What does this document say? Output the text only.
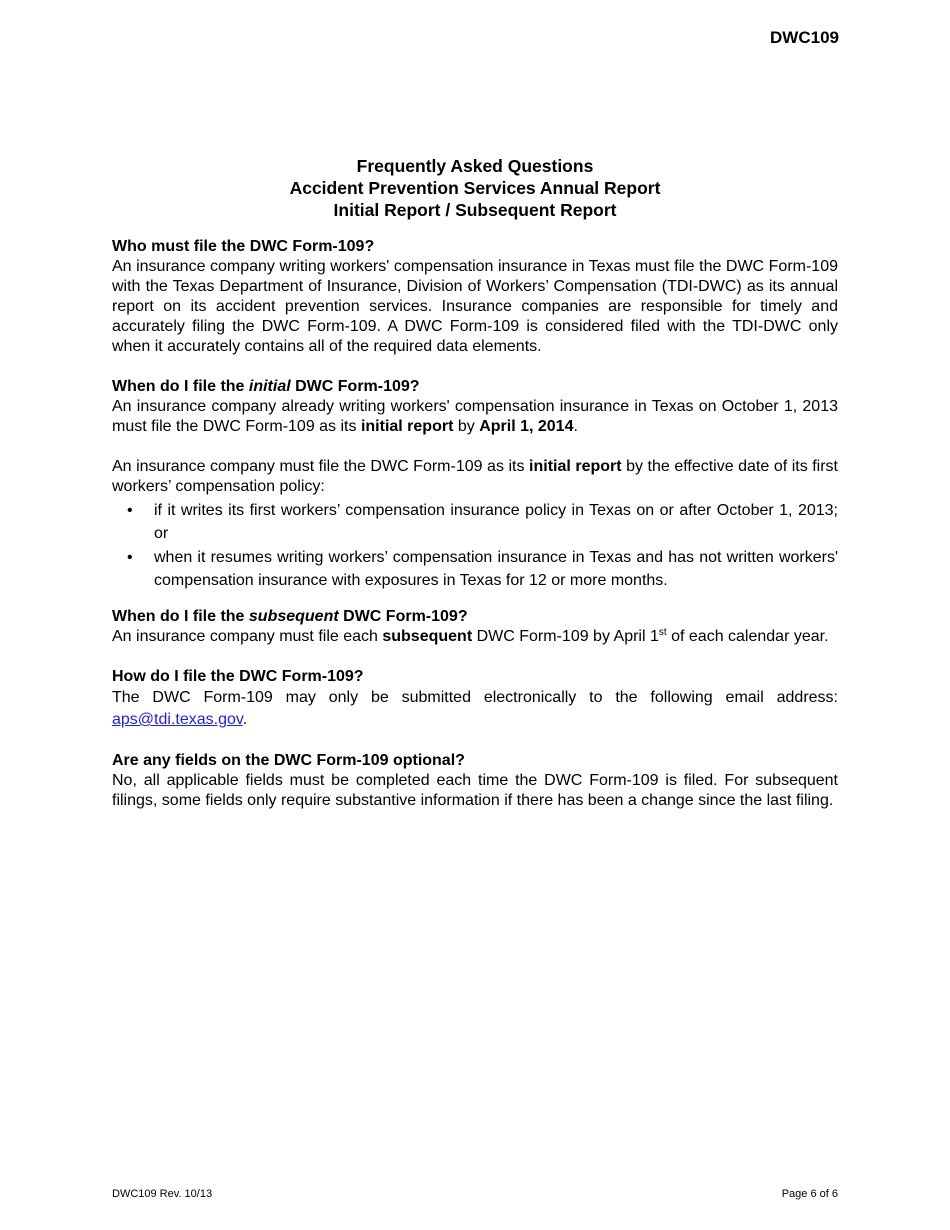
DWC109
Frequently Asked Questions
Accident Prevention Services Annual Report
Initial Report / Subsequent Report

Who must file the DWC Form-109?

An insurance company writing workers' compensation insurance in Texas must file the DWC Form-109 with the Texas Department of Insurance, Division of Workers’ Compensation (TDI-DWC) as its annual report on its accident prevention services. Insurance companies are responsible for timely and accurately filing the DWC Form-109. A DWC Form-109 is considered filed with the TDI-DWC only when it accurately contains all of the required data elements.

When do I file the initial DWC Form-109?

An insurance company already writing workers' compensation insurance in Texas on October 1, 2013 must file the DWC Form-109 as its initial report by April 1, 2014.

An insurance company must file the DWC Form-109 as its initial report by the effective date of its first workers’ compensation policy:

• if it writes its first workers’ compensation insurance policy in Texas on or after October 1, 2013; or
• when it resumes writing workers’ compensation insurance in Texas and has not written workers' compensation insurance with exposures in Texas for 12 or more months.

When do I file the subsequent DWC Form-109?

An insurance company must file each subsequent DWC Form-109 by April 1st of each calendar year.

How do I file the DWC Form-109?

The DWC Form-109 may only be submitted electronically to the following email address: aps@tdi.texas.gov.

Are any fields on the DWC Form-109 optional?

No, all applicable fields must be completed each time the DWC Form-109 is filed. For subsequent filings, some fields only require substantive information if there has been a change since the last filing.

DWC109 Rev. 10/13	Page 6 of 6
